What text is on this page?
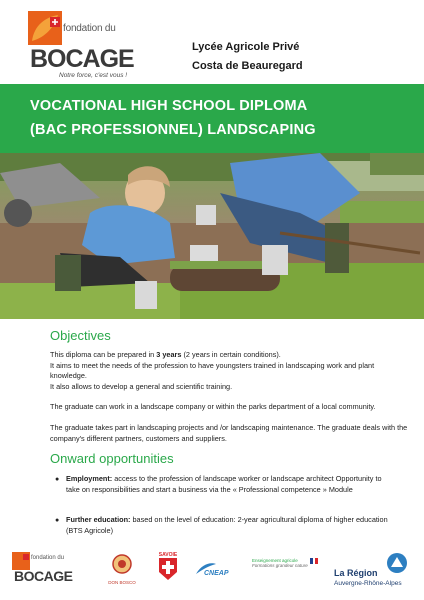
fondation du
BOCAGE
Notre force, c'est vous !
Lycée Agricole Privé
Costa de Beauregard
VOCATIONAL HIGH SCHOOL DIPLOMA
(BAC PROFESSIONNEL) LANDSCAPING
Objectives
This diploma can be prepared in 3 years (2 years in certain conditions).
It aims to meet the needs of the profession to have youngsters trained in landscaping work and plant knowledge.
It also allows to develop a general and scientific training.
The graduate can work in a landscape company or within the parks department of a local community.
The graduate takes part in landscaping projects and /or landscaping maintenance. The graduate deals with the company's different partners, customers and suppliers.
Onward opportunities
● Employment: access to the profession of landscape worker or landscape architect Opportunity to take on responsibilities and start a business via the « Professional competence » Module
● Further education: based on the level of education: 2-year agricultural diploma of higher education (BTS Agricole)
fondation du
BOCAGE	DON BOSCO
SAVOIE
CNEAP
Enseignement agricole
Formations grandeur nature
La Région
Auvergne-Rhône-Alpes
